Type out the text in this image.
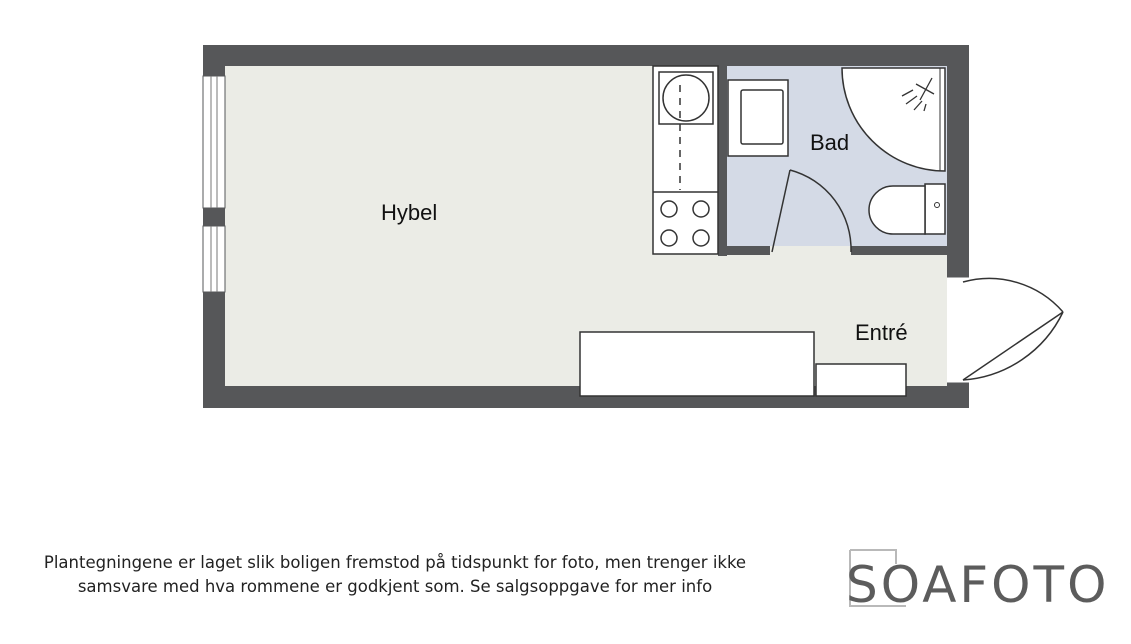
Hybel
Bad
Entré
Plantegningene er laget slik boligen fremstod på tidspunkt for foto, men trenger ikke
samsvare med hva rommene er godkjent som. Se salgsoppgave for mer info	SOAFOTO
